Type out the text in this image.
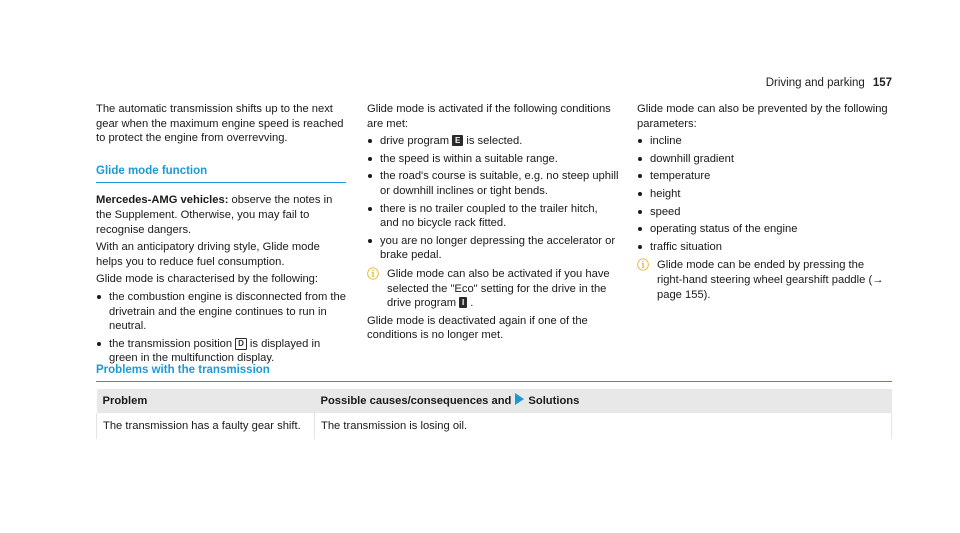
Driving and parking 157

The automatic transmission shifts up to the next gear when the maximum engine speed is reached to protect the engine from overrevving.

Glide mode function

Mercedes-AMG vehicles: observe the notes in the Supplement. Otherwise, you may fail to recognise dangers.

With an anticipatory driving style, Glide mode helps you to reduce fuel consumption.

Glide mode is characterised by the following:

the combustion engine is disconnected from the drivetrain and the engine continues to run in neutral.
the transmission position D is displayed in green in the multifunction display.

Glide mode is activated if the following conditions are met:

drive program E is selected.
the speed is within a suitable range.
the road's course is suitable, e.g. no steep uphill or downhill inclines or tight bends.
there is no trailer coupled to the trailer hitch, and no bicycle rack fitted.
you are no longer depressing the accelerator or brake pedal.
ⓘ Glide mode can also be activated if you have selected the "Eco" setting for the drive in the drive program I .

Glide mode is deactivated again if one of the conditions is no longer met.

Glide mode can also be prevented by the following parameters:

incline
downhill gradient
temperature
height
speed
operating status of the engine
traffic situation
ⓘ Glide mode can be ended by pressing the right-hand steering wheel gearshift paddle (→ page 155).
Problems with the transmission
Problem	Possible causes/consequences and Solutions
The transmission has a faulty gear shift.	The transmission is losing oil.
